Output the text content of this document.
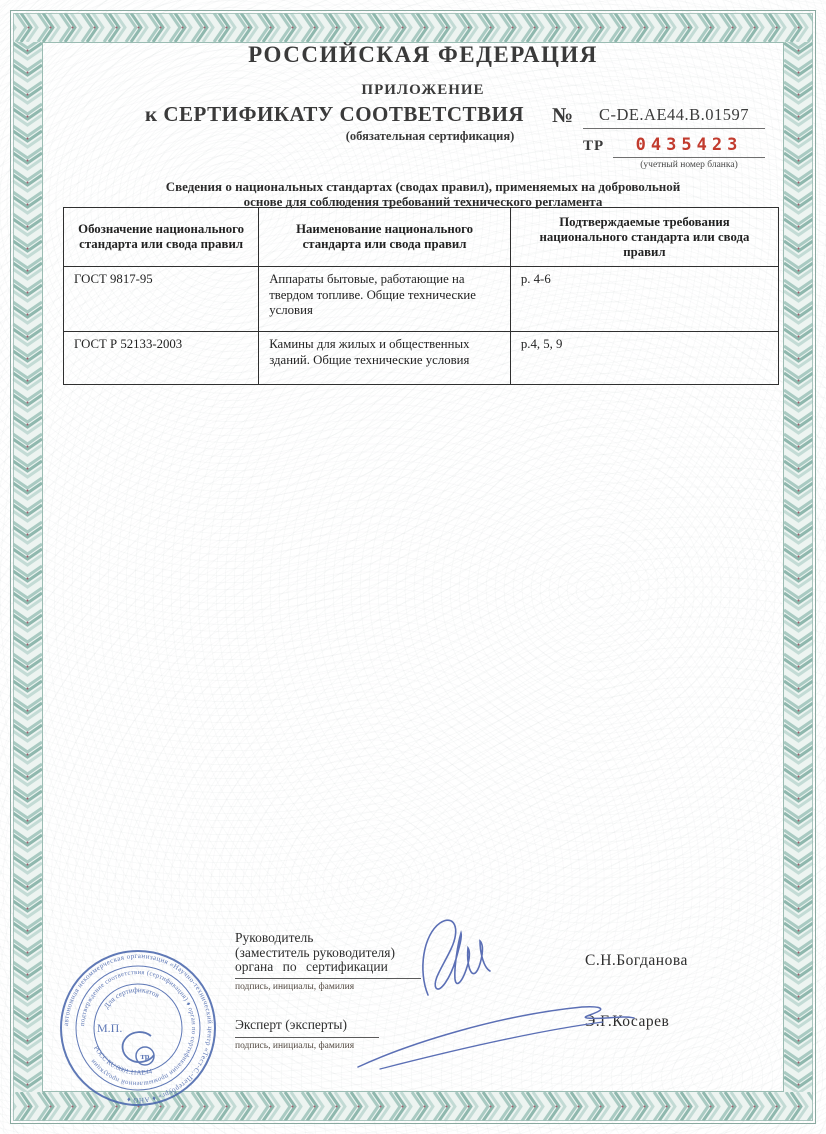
РОССИЙСКАЯ ФЕДЕРАЦИЯ
ПРИЛОЖЕНИЕ
к СЕРТИФИКАТУ СООТВЕТСТВИЯ №	С-DE.АЕ44.В.01597
(обязательная сертификация)
ТР	0435423
(учетный номер бланка)
Сведения о национальных стандартах (сводах правил), применяемых на добровольной
основе для соблюдения требований технического регламента
Обозначение национального стандарта или свода правил	Наименование национального стандарта или свода правил	Подтверждаемые требования национального стандарта или свода правил
ГОСТ 9817-95	Аппараты бытовые, работающие на твердом топливе. Общие технические условия	р. 4-6
ГОСТ Р 52133-2003	Камины для жилых и общественных зданий. Общие технические условия	р.4, 5, 9
автономная некоммерческая организация «Научно-технический центр «Тест-С.-Петербург» ♦ АНО ♦
подтверждение соответствия (сертификация) ♦ орган по сертификации промышленной продукции
Для сертификатов
РОСС RU.0001.11АЕ44
М.П.
тр
Руководитель
(заместитель руководителя)
органа по сертификации
подпись, инициалы, фамилия
С.Н.Богданова
Эксперт (эксперты)
подпись, инициалы, фамилия
Э.Г.Косарев
